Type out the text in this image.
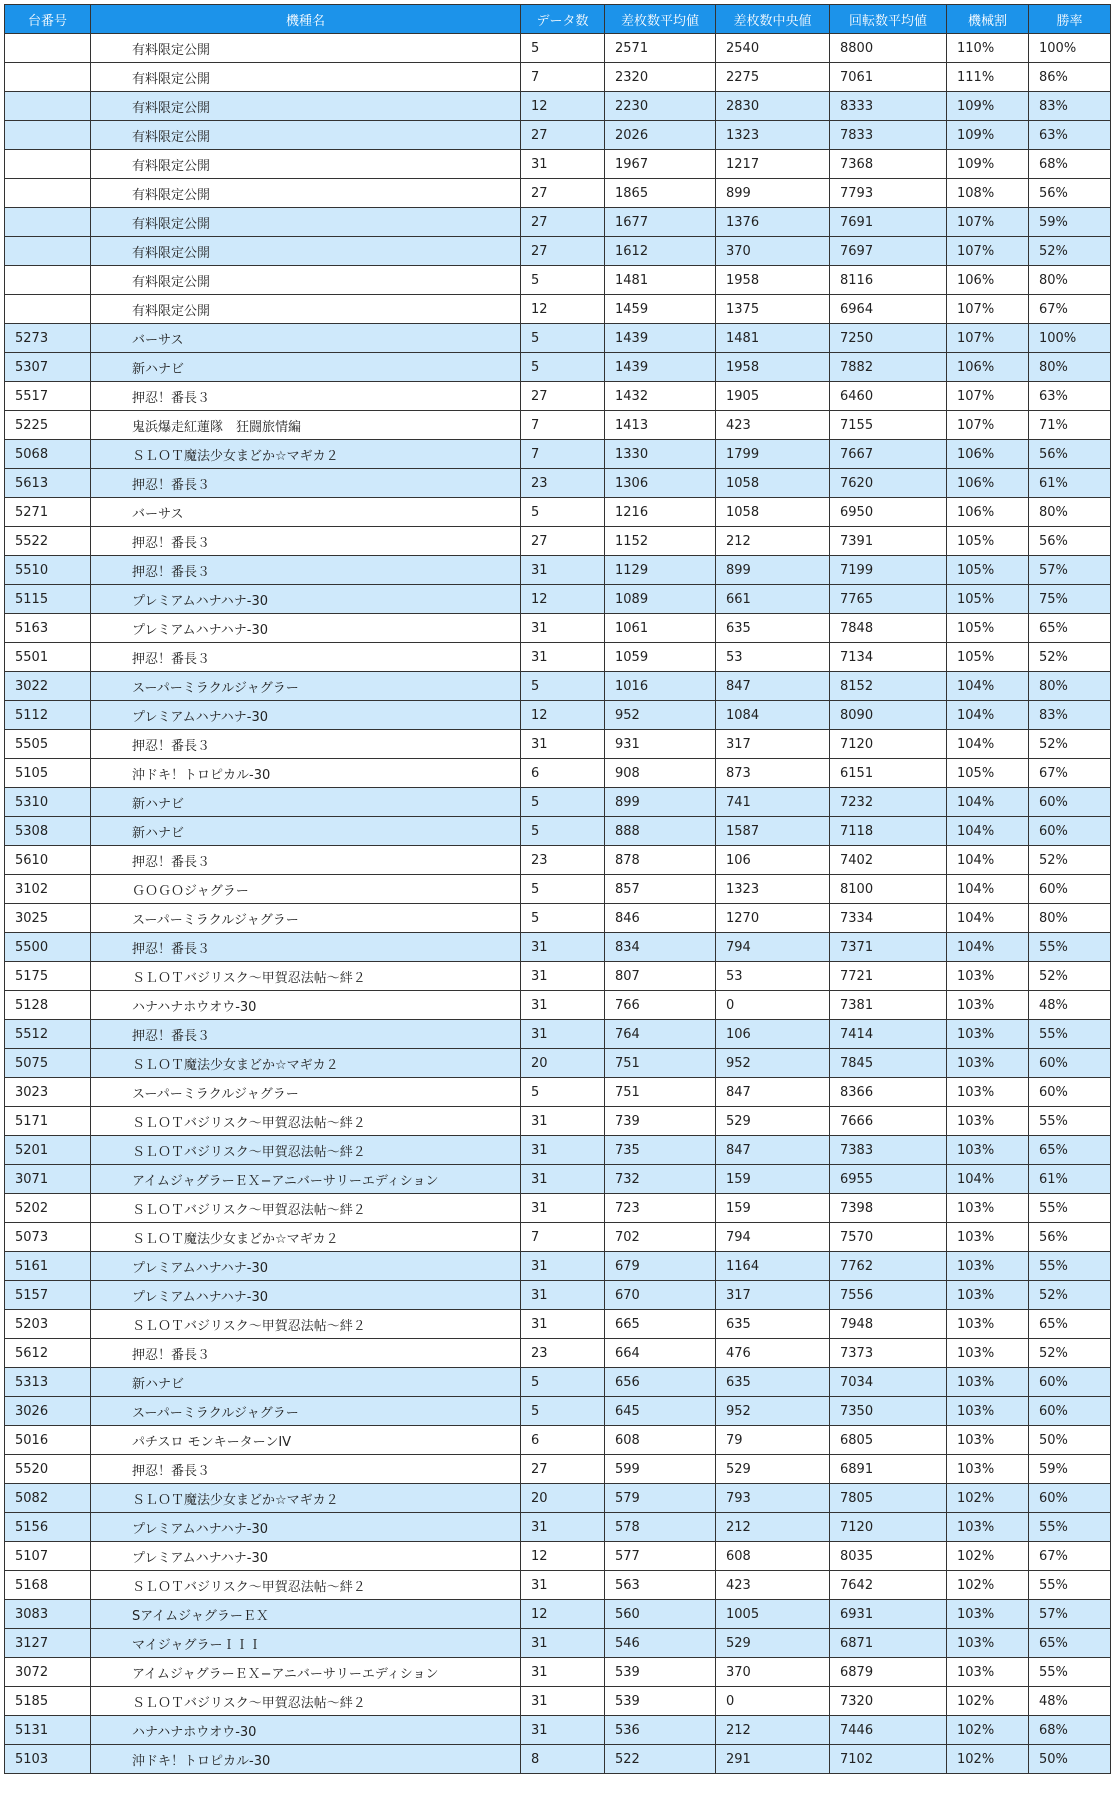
台番号	機種名	データ数	差枚数平均値	差枚数中央値	回転数平均値	機械割	勝率
	有料限定公開	5	2571	2540	8800	110%	100%
	有料限定公開	7	2320	2275	7061	111%	86%
	有料限定公開	12	2230	2830	8333	109%	83%
	有料限定公開	27	2026	1323	7833	109%	63%
	有料限定公開	31	1967	1217	7368	109%	68%
	有料限定公開	27	1865	899	7793	108%	56%
	有料限定公開	27	1677	1376	7691	107%	59%
	有料限定公開	27	1612	370	7697	107%	52%
	有料限定公開	5	1481	1958	8116	106%	80%
	有料限定公開	12	1459	1375	6964	107%	67%
5273	バーサス	5	1439	1481	7250	107%	100%
5307	新ハナビ	5	1439	1958	7882	106%	80%
5517	押忍！番長３	27	1432	1905	6460	107%	63%
5225	鬼浜爆走紅蓮隊　狂闘旅情編	7	1413	423	7155	107%	71%
5068	ＳＬＯＴ魔法少女まどか☆マギカ２	7	1330	1799	7667	106%	56%
5613	押忍！番長３	23	1306	1058	7620	106%	61%
5271	バーサス	5	1216	1058	6950	106%	80%
5522	押忍！番長３	27	1152	212	7391	105%	56%
5510	押忍！番長３	31	1129	899	7199	105%	57%
5115	プレミアムハナハナ-30	12	1089	661	7765	105%	75%
5163	プレミアムハナハナ-30	31	1061	635	7848	105%	65%
5501	押忍！番長３	31	1059	53	7134	105%	52%
3022	スーパーミラクルジャグラー	5	1016	847	8152	104%	80%
5112	プレミアムハナハナ-30	12	952	1084	8090	104%	83%
5505	押忍！番長３	31	931	317	7120	104%	52%
5105	沖ドキ！トロピカル-30	6	908	873	6151	105%	67%
5310	新ハナビ	5	899	741	7232	104%	60%
5308	新ハナビ	5	888	1587	7118	104%	60%
5610	押忍！番長３	23	878	106	7402	104%	52%
3102	ＧＯＧＯジャグラー	5	857	1323	8100	104%	60%
3025	スーパーミラクルジャグラー	5	846	1270	7334	104%	80%
5500	押忍！番長３	31	834	794	7371	104%	55%
5175	ＳＬＯＴバジリスク～甲賀忍法帖～絆２	31	807	53	7721	103%	52%
5128	ハナハナホウオウ-30	31	766	0	7381	103%	48%
5512	押忍！番長３	31	764	106	7414	103%	55%
5075	ＳＬＯＴ魔法少女まどか☆マギカ２	20	751	952	7845	103%	60%
3023	スーパーミラクルジャグラー	5	751	847	8366	103%	60%
5171	ＳＬＯＴバジリスク～甲賀忍法帖～絆２	31	739	529	7666	103%	55%
5201	ＳＬＯＴバジリスク～甲賀忍法帖～絆２	31	735	847	7383	103%	65%
3071	アイムジャグラーＥＸ−アニバーサリーエディション	31	732	159	6955	104%	61%
5202	ＳＬＯＴバジリスク～甲賀忍法帖～絆２	31	723	159	7398	103%	55%
5073	ＳＬＯＴ魔法少女まどか☆マギカ２	7	702	794	7570	103%	56%
5161	プレミアムハナハナ-30	31	679	1164	7762	103%	55%
5157	プレミアムハナハナ-30	31	670	317	7556	103%	52%
5203	ＳＬＯＴバジリスク～甲賀忍法帖～絆２	31	665	635	7948	103%	65%
5612	押忍！番長３	23	664	476	7373	103%	52%
5313	新ハナビ	5	656	635	7034	103%	60%
3026	スーパーミラクルジャグラー	5	645	952	7350	103%	60%
5016	パチスロ モンキーターンIV	6	608	79	6805	103%	50%
5520	押忍！番長３	27	599	529	6891	103%	59%
5082	ＳＬＯＴ魔法少女まどか☆マギカ２	20	579	793	7805	102%	60%
5156	プレミアムハナハナ-30	31	578	212	7120	103%	55%
5107	プレミアムハナハナ-30	12	577	608	8035	102%	67%
5168	ＳＬＯＴバジリスク～甲賀忍法帖～絆２	31	563	423	7642	102%	55%
3083	SアイムジャグラーＥＸ	12	560	1005	6931	103%	57%
3127	マイジャグラーＩＩＩ	31	546	529	6871	103%	65%
3072	アイムジャグラーＥＸ−アニバーサリーエディション	31	539	370	6879	103%	55%
5185	ＳＬＯＴバジリスク～甲賀忍法帖～絆２	31	539	0	7320	102%	48%
5131	ハナハナホウオウ-30	31	536	212	7446	102%	68%
5103	沖ドキ！トロピカル-30	8	522	291	7102	102%	50%
